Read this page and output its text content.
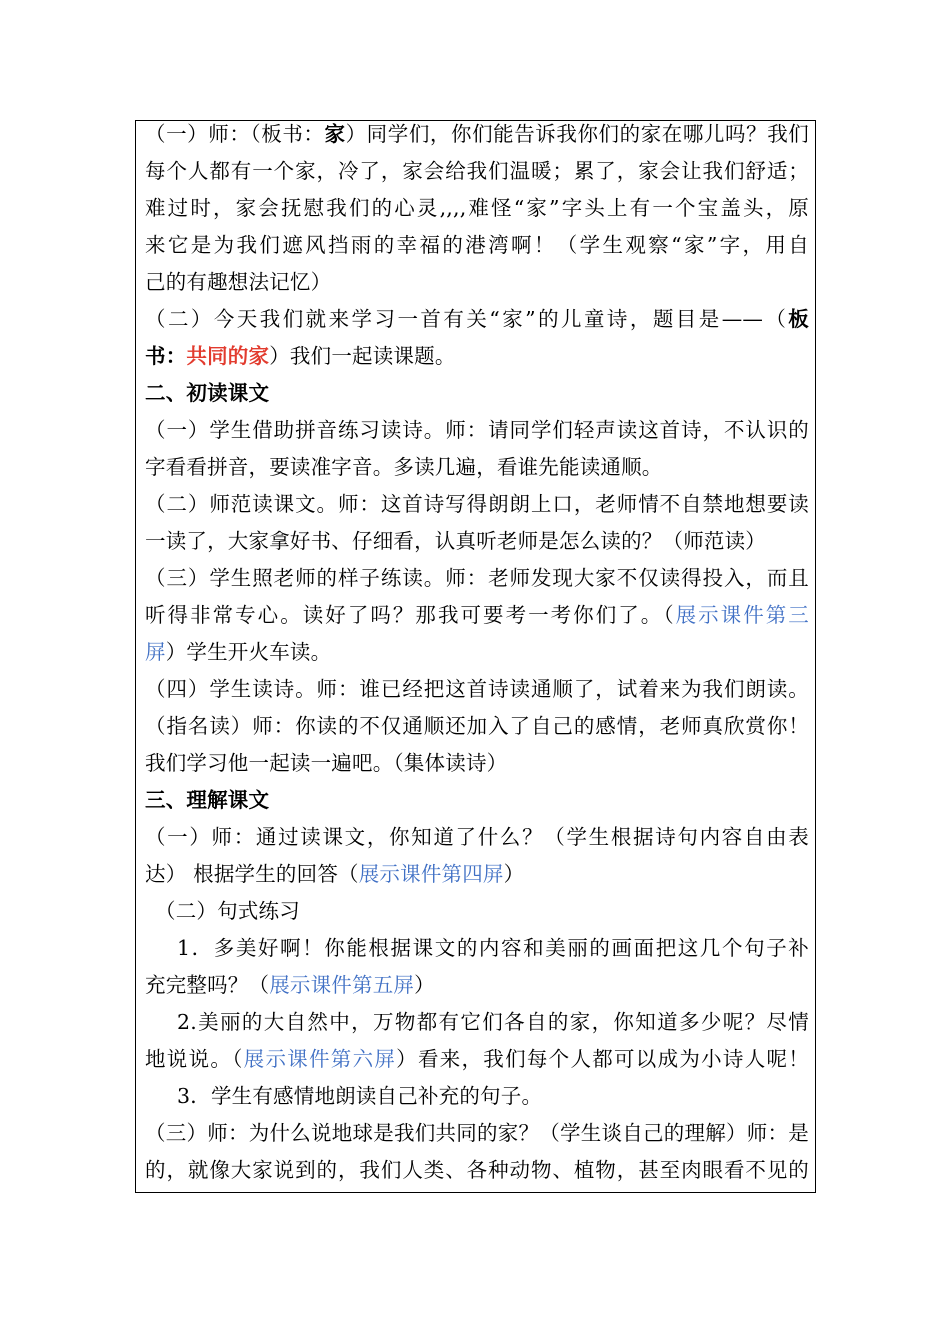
（一）师：（板书：家）同学们，你们能告诉我你们的家在哪儿吗？我们
每个人都有一个家，冷了，家会给我们温暖；累了，家会让我们舒适；
难过时，家会抚慰我们的心灵,,,,难怪“家”字头上有一个宝盖头，原
来它是为我们遮风挡雨的幸福的港湾啊！（学生观察“家”字，用自
己的有趣想法记忆）
（二）今天我们就来学习一首有关“家”的儿童诗，题目是——（板
书：共同的家）我们一起读课题。
二、初读课文
（一）学生借助拼音练习读诗。师：请同学们轻声读这首诗，不认识的
字看看拼音，要读准字音。多读几遍，看谁先能读通顺。
（二）师范读课文。师：这首诗写得朗朗上口，老师情不自禁地想要读
一读了，大家拿好书、仔细看，认真听老师是怎么读的？（师范读）
（三）学生照老师的样子练读。师：老师发现大家不仅读得投入，而且
听得非常专心。读好了吗？那我可要考一考你们了。（展示课件第三
屏）学生开火车读。
（四）学生读诗。师：谁已经把这首诗读通顺了，试着来为我们朗读。
（指名读）师：你读的不仅通顺还加入了自己的感情，老师真欣赏你！
我们学习他一起读一遍吧。（集体读诗）
三、理解课文
（一）师：通过读课文，你知道了什么？（学生根据诗句内容自由表
达） 根据学生的回答（展示课件第四屏）
（二）句式练习
1．多美好啊！你能根据课文的内容和美丽的画面把这几个句子补
充完整吗？（展示课件第五屏）
2.美丽的大自然中，万物都有它们各自的家，你知道多少呢？尽情
地说说。（展示课件第六屏）看来，我们每个人都可以成为小诗人呢！
3．学生有感情地朗读自己补充的句子。
（三）师：为什么说地球是我们共同的家？（学生谈自己的理解）师：是
的，就像大家说到的，我们人类、各种动物、植物，甚至肉眼看不见的
